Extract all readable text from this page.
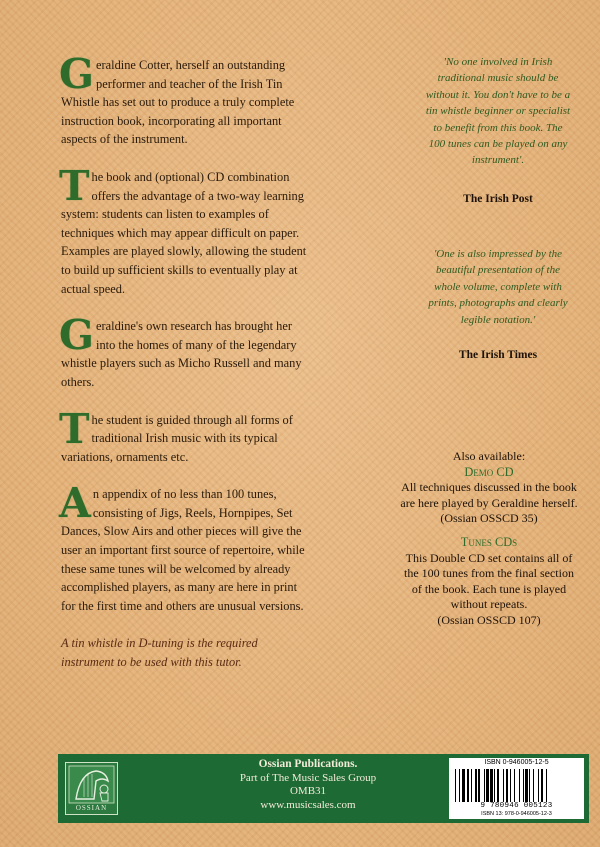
Geraldine Cotter, herself an outstanding performer and teacher of the Irish Tin Whistle has set out to produce a truly complete instruction book, incorporating all important aspects of the instrument.

The book and (optional) CD combination offers the advantage of a two-way learning system: students can listen to examples of techniques which may appear difficult on paper. Examples are played slowly, allowing the student to build up sufficient skills to eventually play at actual speed.

Geraldine's own research has brought her into the homes of many of the legendary whistle players such as Micho Russell and many others.

The student is guided through all forms of traditional Irish music with its typical variations, ornaments etc.

An appendix of no less than 100 tunes, consisting of Jigs, Reels, Hornpipes, Set Dances, Slow Airs and other pieces will give the user an important first source of repertoire, while these same tunes will be welcomed by already accomplished players, as many are here in print for the first time and others are unusual versions.

A tin whistle in D-tuning is the required instrument to be used with this tutor.

'No one involved in Irish traditional music should be without it. You don't have to be a tin whistle beginner or specialist to benefit from this book. The 100 tunes can be played on any instrument'.

The Irish Post

'One is also impressed by the beautiful presentation of the whole volume, complete with prints, photographs and clearly legible notation.'

The Irish Times

Also available:

Demo CD

All techniques discussed in the book are here played by Geraldine herself.

(Ossian OSSCD 35)

Tunes CDs

This Double CD set contains all of the 100 tunes from the final section of the book. Each tune is played without repeats.

(Ossian OSSCD 107)

OSSIAN
Ossian Publications.
Part of The Music Sales Group
OMB31
www.musicsales.com
ISBN 0-946005-12-5
9 780946 005123
ISBN 13: 978-0-946005-12-3
